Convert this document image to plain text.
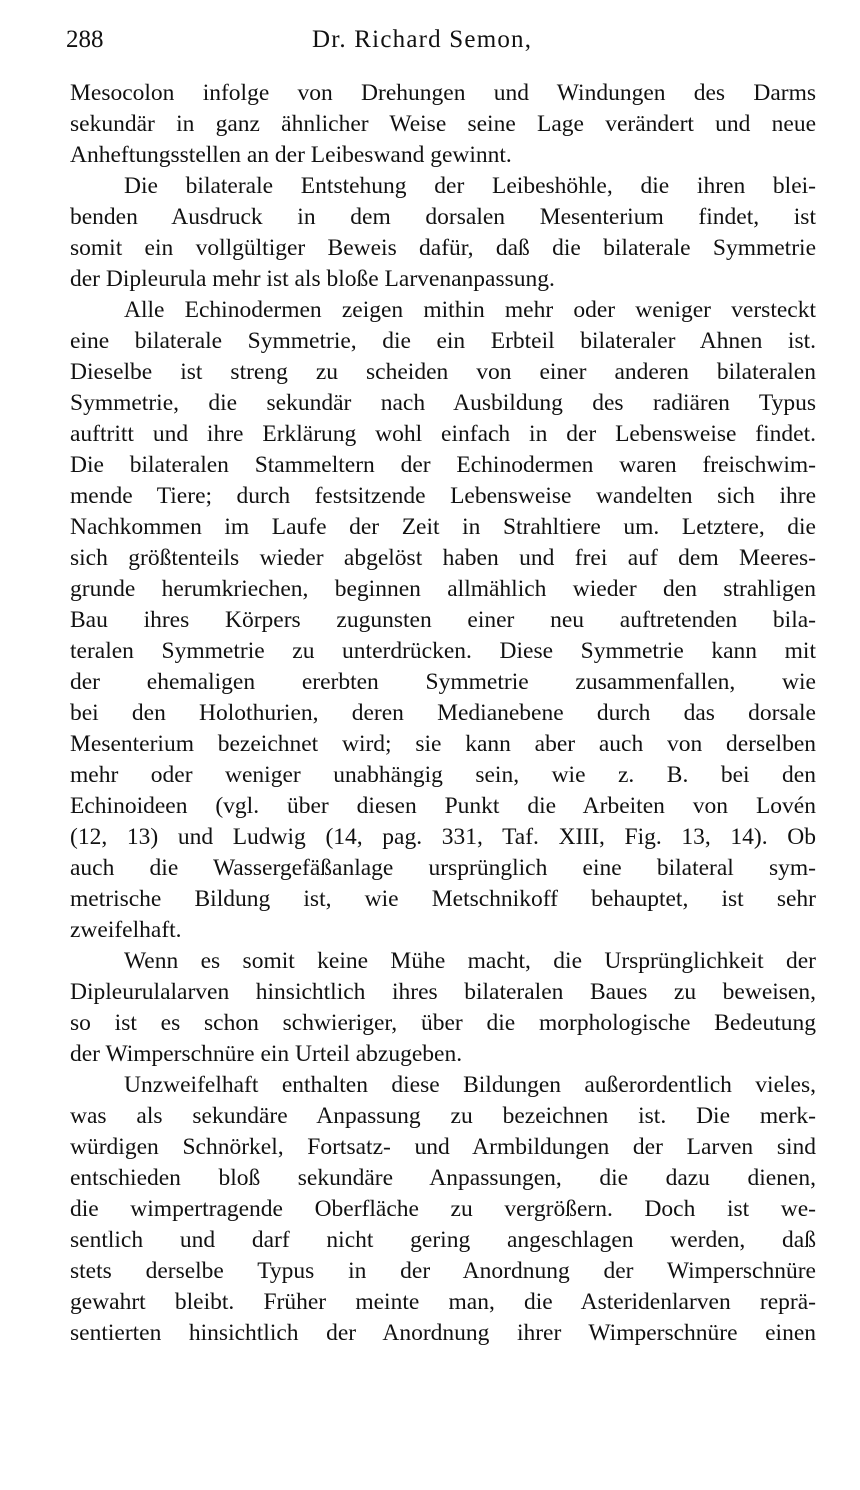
288	Dr. Richard Semon,
Mesocolon infolge von Drehungen und Windungen des Darms
sekundär in ganz ähnlicher Weise seine Lage verändert und neue
Anheftungsstellen an der Leibeswand gewinnt.
Die bilaterale Entstehung der Leibeshöhle, die ihren blei-
benden Ausdruck in dem dorsalen Mesenterium findet, ist
somit ein vollgültiger Beweis dafür, daß die bilaterale Symmetrie
der Dipleurula mehr ist als bloße Larvenanpassung.
Alle Echinodermen zeigen mithin mehr oder weniger versteckt
eine bilaterale Symmetrie, die ein Erbteil bilateraler Ahnen ist.
Dieselbe ist streng zu scheiden von einer anderen bilateralen
Symmetrie, die sekundär nach Ausbildung des radiären Typus
auftritt und ihre Erklärung wohl einfach in der Lebensweise findet.
Die bilateralen Stammeltern der Echinodermen waren freischwim-
mende Tiere; durch festsitzende Lebensweise wandelten sich ihre
Nachkommen im Laufe der Zeit in Strahltiere um. Letztere, die
sich größtenteils wieder abgelöst haben und frei auf dem Meeres-
grunde herumkriechen, beginnen allmählich wieder den strahligen
Bau ihres Körpers zugunsten einer neu auftretenden bila-
teralen Symmetrie zu unterdrücken. Diese Symmetrie kann mit
der ehemaligen ererbten Symmetrie zusammenfallen, wie
bei den Holothurien, deren Medianebene durch das dorsale
Mesenterium bezeichnet wird; sie kann aber auch von derselben
mehr oder weniger unabhängig sein, wie z. B. bei den
Echinoideen (vgl. über diesen Punkt die Arbeiten von Lovén
(12, 13) und Ludwig (14, pag. 331, Taf. XIII, Fig. 13, 14). Ob
auch die Wassergefäßanlage ursprünglich eine bilateral sym-
metrische Bildung ist, wie Metschnikoff behauptet, ist sehr
zweifelhaft.
Wenn es somit keine Mühe macht, die Ursprünglichkeit der
Dipleurulalarven hinsichtlich ihres bilateralen Baues zu beweisen,
so ist es schon schwieriger, über die morphologische Bedeutung
der Wimperschnüre ein Urteil abzugeben.
Unzweifelhaft enthalten diese Bildungen außerordentlich vieles,
was als sekundäre Anpassung zu bezeichnen ist. Die merk-
würdigen Schnörkel, Fortsatz- und Armbildungen der Larven sind
entschieden bloß sekundäre Anpassungen, die dazu dienen,
die wimpertragende Oberfläche zu vergrößern. Doch ist we-
sentlich und darf nicht gering angeschlagen werden, daß
stets derselbe Typus in der Anordnung der Wimperschnüre
gewahrt bleibt. Früher meinte man, die Asteridenlarven reprä-
sentierten hinsichtlich der Anordnung ihrer Wimperschnüre einen
